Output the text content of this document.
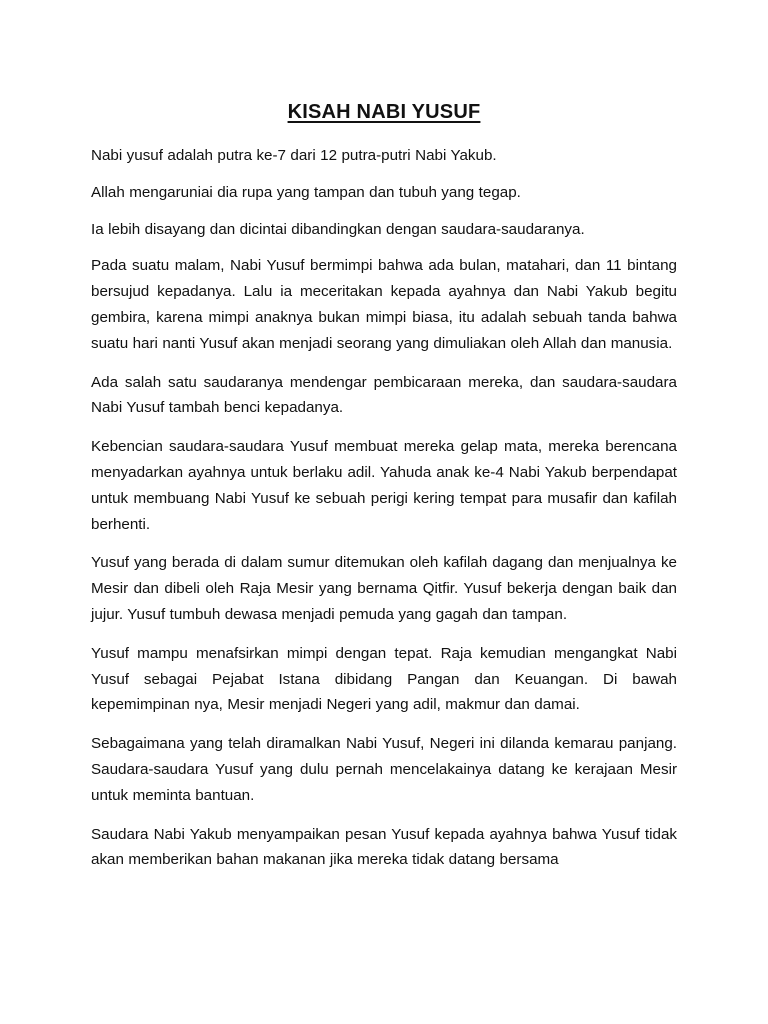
KISAH NABI YUSUF

Nabi yusuf adalah putra ke-7 dari 12 putra-putri Nabi Yakub.

Allah mengaruniai dia rupa yang tampan dan tubuh yang tegap.

Ia lebih disayang dan dicintai dibandingkan dengan saudara-saudaranya.

Pada suatu malam, Nabi Yusuf bermimpi bahwa ada bulan, matahari, dan 11 bintang bersujud kepadanya. Lalu ia meceritakan kepada ayahnya dan Nabi Yakub begitu gembira, karena mimpi anaknya bukan mimpi biasa, itu adalah sebuah tanda bahwa suatu hari nanti Yusuf akan menjadi seorang yang dimuliakan oleh Allah dan manusia.

Ada salah satu saudaranya mendengar pembicaraan mereka, dan saudara-saudara Nabi Yusuf tambah benci kepadanya.

Kebencian saudara-saudara Yusuf membuat mereka gelap mata, mereka berencana menyadarkan ayahnya untuk berlaku adil. Yahuda anak ke-4 Nabi Yakub berpendapat untuk membuang Nabi Yusuf ke sebuah perigi kering tempat para musafir dan kafilah berhenti.

Yusuf yang berada di dalam sumur ditemukan oleh kafilah dagang dan menjualnya ke Mesir dan dibeli oleh Raja Mesir yang bernama Qitfir. Yusuf bekerja dengan baik dan jujur. Yusuf tumbuh dewasa menjadi pemuda yang gagah dan tampan.

Yusuf mampu menafsirkan mimpi dengan tepat. Raja kemudian mengangkat Nabi Yusuf sebagai Pejabat Istana dibidang Pangan dan Keuangan. Di bawah kepemimpinan nya, Mesir menjadi Negeri yang adil, makmur dan damai.

Sebagaimana yang telah diramalkan Nabi Yusuf, Negeri ini dilanda kemarau panjang. Saudara-saudara Yusuf yang dulu pernah mencelakainya datang ke kerajaan Mesir untuk meminta bantuan.

Saudara Nabi Yakub menyampaikan pesan Yusuf kepada ayahnya bahwa Yusuf tidak akan memberikan bahan makanan jika mereka tidak datang bersama
